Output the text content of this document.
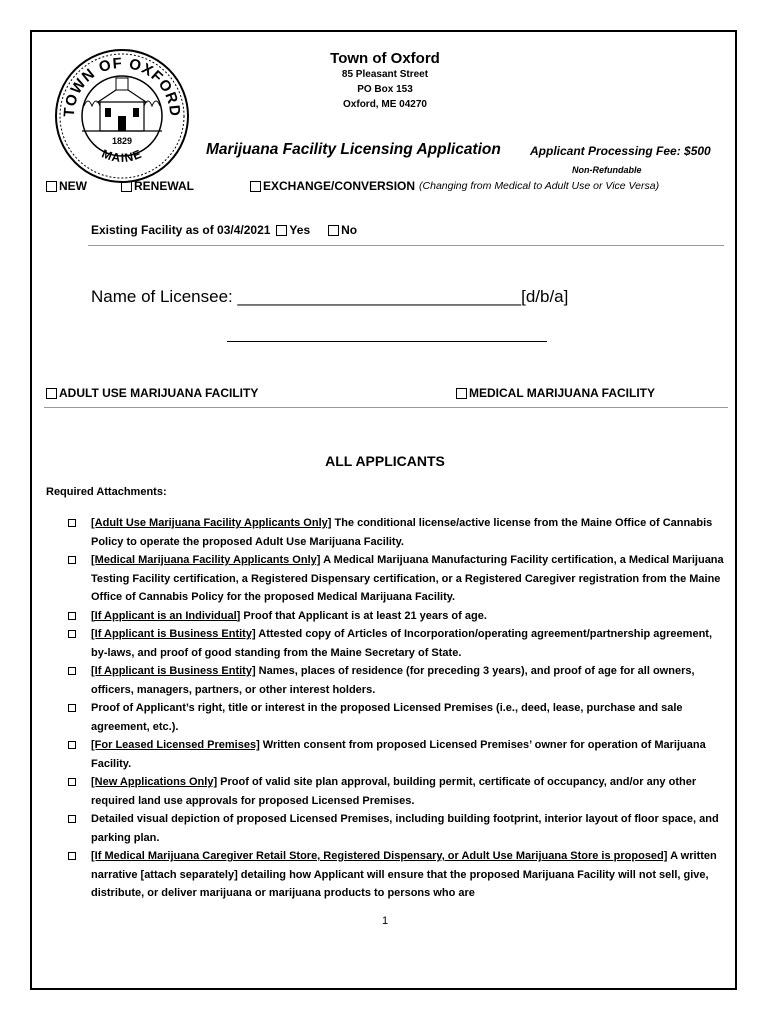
TOWN OF OXFORD
MAINE
1829
Town of Oxford
85 Pleasant Street
PO Box 153
Oxford, ME 04270
Marijuana Facility Licensing Application Applicant Processing Fee: $500
Non-Refundable
NEW	RENEWAL	EXCHANGE/CONVERSION (Changing from Medical to Adult Use or Vice Versa)
Existing Facility as of 03/4/2021 Yes	No
Name of Licensee: ______________________________[d/b/a]
ADULT USE MARIJUANA FACILITY	MEDICAL MARIJUANA FACILITY
ALL APPLICANTS
Required Attachments:
[Adult Use Marijuana Facility Applicants Only] The conditional license/active license from the Maine Office of Cannabis Policy to operate the proposed Adult Use Marijuana Facility.
[Medical Marijuana Facility Applicants Only] A Medical Marijuana Manufacturing Facility certification, a Medical Marijuana Testing Facility certification, a Registered Dispensary certification, or a Registered Caregiver registration from the Maine Office of Cannabis Policy for the proposed Medical Marijuana Facility.
[If Applicant is an Individual] Proof that Applicant is at least 21 years of age.
[If Applicant is Business Entity] Attested copy of Articles of Incorporation/operating agreement/partnership agreement, by-laws, and proof of good standing from the Maine Secretary of State.
[If Applicant is Business Entity] Names, places of residence (for preceding 3 years), and proof of age for all owners, officers, managers, partners, or other interest holders.
Proof of Applicant’s right, title or interest in the proposed Licensed Premises (i.e., deed, lease, purchase and sale agreement, etc.).
[For Leased Licensed Premises] Written consent from proposed Licensed Premises’ owner for operation of Marijuana Facility.
[New Applications Only] Proof of valid site plan approval, building permit, certificate of occupancy, and/or any other required land use approvals for proposed Licensed Premises.
Detailed visual depiction of proposed Licensed Premises, including building footprint, interior layout of floor space, and parking plan.
[If Medical Marijuana Caregiver Retail Store, Registered Dispensary, or Adult Use Marijuana Store is proposed] A written narrative [attach separately] detailing how Applicant will ensure that the proposed Marijuana Facility will not sell, give, distribute, or deliver marijuana or marijuana products to persons who are
1
